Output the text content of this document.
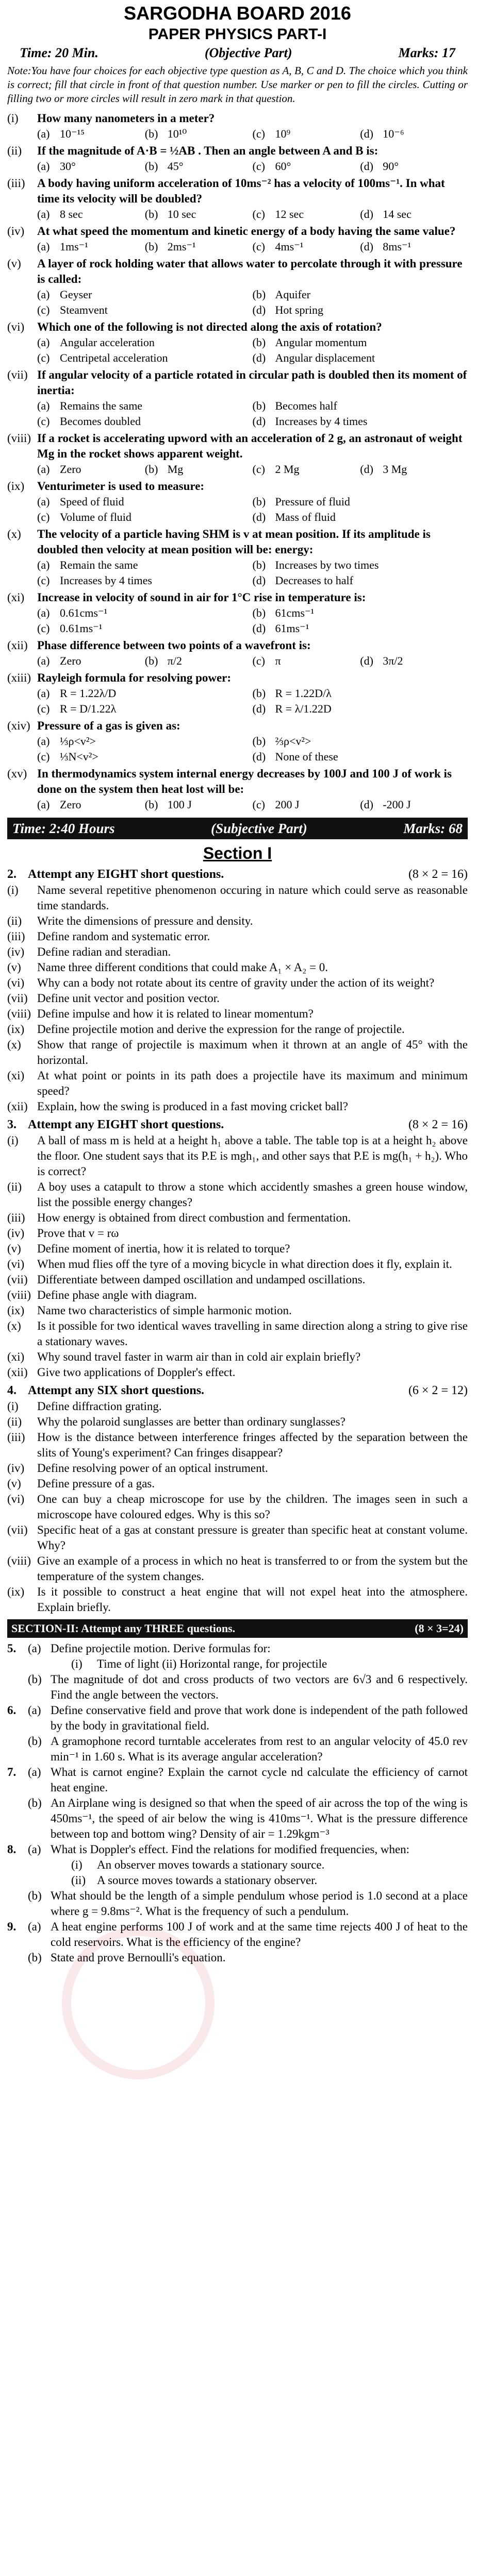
SARGODHA BOARD 2016
PAPER PHYSICS PART-I
Time: 20 Min.	(Objective Part)	Marks: 17
Note:You have four choices for each objective type question as A, B, C and D. The choice which you think is correct; fill that circle in front of that question number. Use marker or pen to fill the circles. Cutting or filling two or more circles will result in zero mark in that question.
(i)	How many nanometers in a meter?
(a) 10⁻¹⁵	(b) 10¹⁰	(c) 10⁹	(d) 10⁻⁶
(ii)	If the magnitude of A·B = ½AB . Then an angle between A and B is:
(a) 30°	(b) 45°	(c) 60°	(d) 90°
(iii)	A body having uniform acceleration of 10ms⁻² has a velocity of 100ms⁻¹. In what time its velocity will be doubled?
(a) 8 sec	(b) 10 sec	(c) 12 sec	(d) 14 sec
(iv)	At what speed the momentum and kinetic energy of a body having the same value?
(a) 1ms⁻¹	(b) 2ms⁻¹	(c) 4ms⁻¹	(d) 8ms⁻¹
(v)	A layer of rock holding water that allows water to percolate through it with pressure is called:
(a) Geyser	(b) Aquifer
(c) Steamvent	(d) Hot spring
(vi)	Which one of the following is not directed along the axis of rotation?
(a) Angular acceleration	(b) Angular momentum
(c) Centripetal acceleration	(d) Angular displacement
(vii) If angular velocity of a particle rotated in circular path is doubled then its moment of inertia:
(a) Remains the same	(b) Becomes half
(c) Becomes doubled	(d) Increases by 4 times
(viii) If a rocket is accelerating upword with an acceleration of 2 g, an astronaut of weight Mg in the rocket shows apparent weight.
(a) Zero	(b) Mg	(c) 2 Mg	(d) 3 Mg
(ix)	Venturimeter is used to measure:
(a) Speed of fluid	(b) Pressure of fluid
(c) Volume of fluid	(d) Mass of fluid
(x)	The velocity of a particle having SHM is v at mean position. If its amplitude is doubled then velocity at mean position will be: energy:
(a) Remain the same	(b) Increases by two times
(c) Increases by 4 times	(d) Decreases to half
(xi)	Increase in velocity of sound in air for 1°C rise in temperature is:
(a) 0.61cms⁻¹	(b) 61cms⁻¹
(c) 0.61ms⁻¹	(d) 61ms⁻¹
(xii) Phase difference between two points of a wavefront is:
(a) Zero	(b) π/2	(c) π	(d) 3π/2
(xiii) Rayleigh formula for resolving power:
(a) R = 1.22λ/D	(b) R = 1.22D/λ
(c) R = D/1.22λ	(d) R = λ/1.22D
(xiv) Pressure of a gas is given as:
(a) ⅓ρ<v²>	(b) ⅔ρ<v²>
(c) ⅓N<v²>	(d) None of these
(xv) In thermodynamics system internal energy decreases by 100J and 100 J of work is done on the system then heat lost will be:
(a) Zero	(b) 100 J	(c) 200 J	(d) -200 J
Time: 2:40 Hours	(Subjective Part)	Marks: 68
Section I
2. Attempt any EIGHT short questions.	(8 × 2 = 16)
(i)	Name several repetitive phenomenon occuring in nature which could serve as reasonable time standards.
(ii)	Write the dimensions of pressure and density.
(iii)	Define random and systematic error.
(iv)	Define radian and steradian.
(v)	Name three different conditions that could make A₁ × A₂ = 0.
(vi)	Why can a body not rotate about its centre of gravity under the action of its weight?
(vii) Define unit vector and position vector.
(viii) Define impulse and how it is related to linear momentum?
(ix)	Define projectile motion and derive the expression for the range of projectile.
(x)	Show that range of projectile is maximum when it thrown at an angle of 45° with the horizontal.
(xi)	At what point or points in its path does a projectile have its maximum and minimum speed?
(xii) Explain, how the swing is produced in a fast moving cricket ball?
3. Attempt any EIGHT short questions.	(8 × 2 = 16)
(i)	A ball of mass m is held at a height h₁ above a table. The table top is at a height h₂ above the floor. One student says that its P.E is mgh₁, and other says that P.E is mg(h₁ + h₂). Who is correct?
(ii)	A boy uses a catapult to throw a stone which accidently smashes a green house window, list the possible energy changes?
(iii)	How energy is obtained from direct combustion and fermentation.
(iv)	Prove that v = rω
(v)	Define moment of inertia, how it is related to torque?
(vi)	When mud flies off the tyre of a moving bicycle in what direction does it fly, explain it.
(vii) Differentiate between damped oscillation and undamped oscillations.
(viii) Define phase angle with diagram.
(ix)	Name two characteristics of simple harmonic motion.
(x)	Is it possible for two identical waves travelling in same direction along a string to give rise a stationary waves.
(xi)	Why sound travel faster in warm air than in cold air explain briefly?
(xii) Give two applications of Doppler's effect.
4. Attempt any SIX short questions.	(6 × 2 = 12)
(i)	Define diffraction grating.
(ii)	Why the polaroid sunglasses are better than ordinary sunglasses?
(iii)	How is the distance between interference fringes affected by the separation between the slits of Young's experiment? Can fringes disappear?
(iv)	Define resolving power of an optical instrument.
(v)	Define pressure of a gas.
(vi)	One can buy a cheap microscope for use by the children. The images seen in such a microscope have coloured edges. Why is this so?
(vii) Specific heat of a gas at constant pressure is greater than specific heat at constant volume. Why?
(viii) Give an example of a process in which no heat is transferred to or from the system but the temperature of the system changes.
(ix)	Is it possible to construct a heat engine that will not expel heat into the atmosphere. Explain briefly.
SECTION-II: Attempt any THREE questions.	(8 × 3=24)
5. (a) Define projectile motion. Derive formulas for:
(i)	Time of light (ii) Horizontal range, for projectile
(b) The magnitude of dot and cross products of two vectors are 6√3 and 6 respectively. Find the angle between the vectors.
6. (a) Define conservative field and prove that work done is independent of the path followed by the body in gravitational field.
(b) A gramophone record turntable accelerates from rest to an angular velocity of 45.0 rev min⁻¹ in 1.60 s. What is its average angular acceleration?
7. (a) What is carnot engine? Explain the carnot cycle nd calculate the efficiency of carnot heat engine.
(b) An Airplane wing is designed so that when the speed of air across the top of the wing is 450ms⁻¹, the speed of air below the wing is 410ms⁻¹. What is the pressure difference between top and bottom wing? Density of air = 1.29kgm⁻³
8. (a) What is Doppler's effect. Find the relations for modified frequencies, when:
(i)	An observer moves towards a stationary source.
(ii) A source moves towards a stationary observer.
(b) What should be the length of a simple pendulum whose period is 1.0 second at a place where g = 9.8ms⁻². What is the frequency of such a pendulum.
9. (a) A heat engine performs 100 J of work and at the same time rejects 400 J of heat to the cold reservoirs. What is the efficiency of the engine?
(b) State and prove Bernoulli's equation.
